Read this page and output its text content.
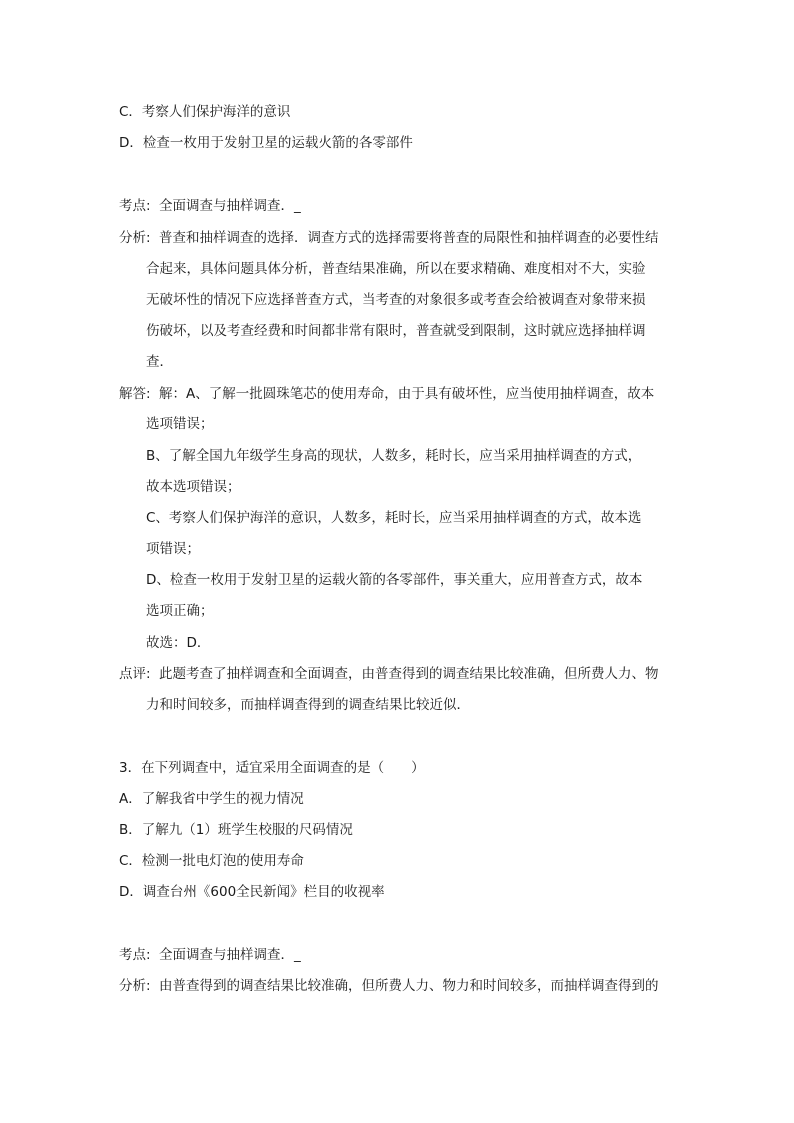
C．考察人们保护海洋的意识
D．检查一枚用于发射卫星的运载火箭的各零部件
考点: 全面调查与抽样调查．_
分析: 普查和抽样调查的选择．调查方式的选择需要将普查的局限性和抽样调查的必要性结
合起来，具体问题具体分析，普查结果准确，所以在要求精确、难度相对不大，实验
无破坏性的情况下应选择普查方式，当考查的对象很多或考查会给被调查对象带来损
伤破坏，以及考查经费和时间都非常有限时，普查就受到限制，这时就应选择抽样调
查．
解答: 解：A、了解一批圆珠笔芯的使用寿命，由于具有破坏性，应当使用抽样调查，故本
选项错误；
B、了解全国九年级学生身高的现状，人数多，耗时长，应当采用抽样调查的方式，
故本选项错误；
C、考察人们保护海洋的意识，人数多，耗时长，应当采用抽样调查的方式，故本选
项错误；
D、检查一枚用于发射卫星的运载火箭的各零部件，事关重大，应用普查方式，故本
选项正确；
故选：D．
点评: 此题考查了抽样调查和全面调查，由普查得到的调查结果比较准确，但所费人力、物
力和时间较多，而抽样调查得到的调查结果比较近似．
3．在下列调查中，适宜采用全面调查的是（　　）
A．了解我省中学生的视力情况
B．了解九（1）班学生校服的尺码情况
C．检测一批电灯泡的使用寿命
D．调查台州《600全民新闻》栏目的收视率
考点: 全面调查与抽样调查．_
分析: 由普查得到的调查结果比较准确，但所费人力、物力和时间较多，而抽样调查得到的
